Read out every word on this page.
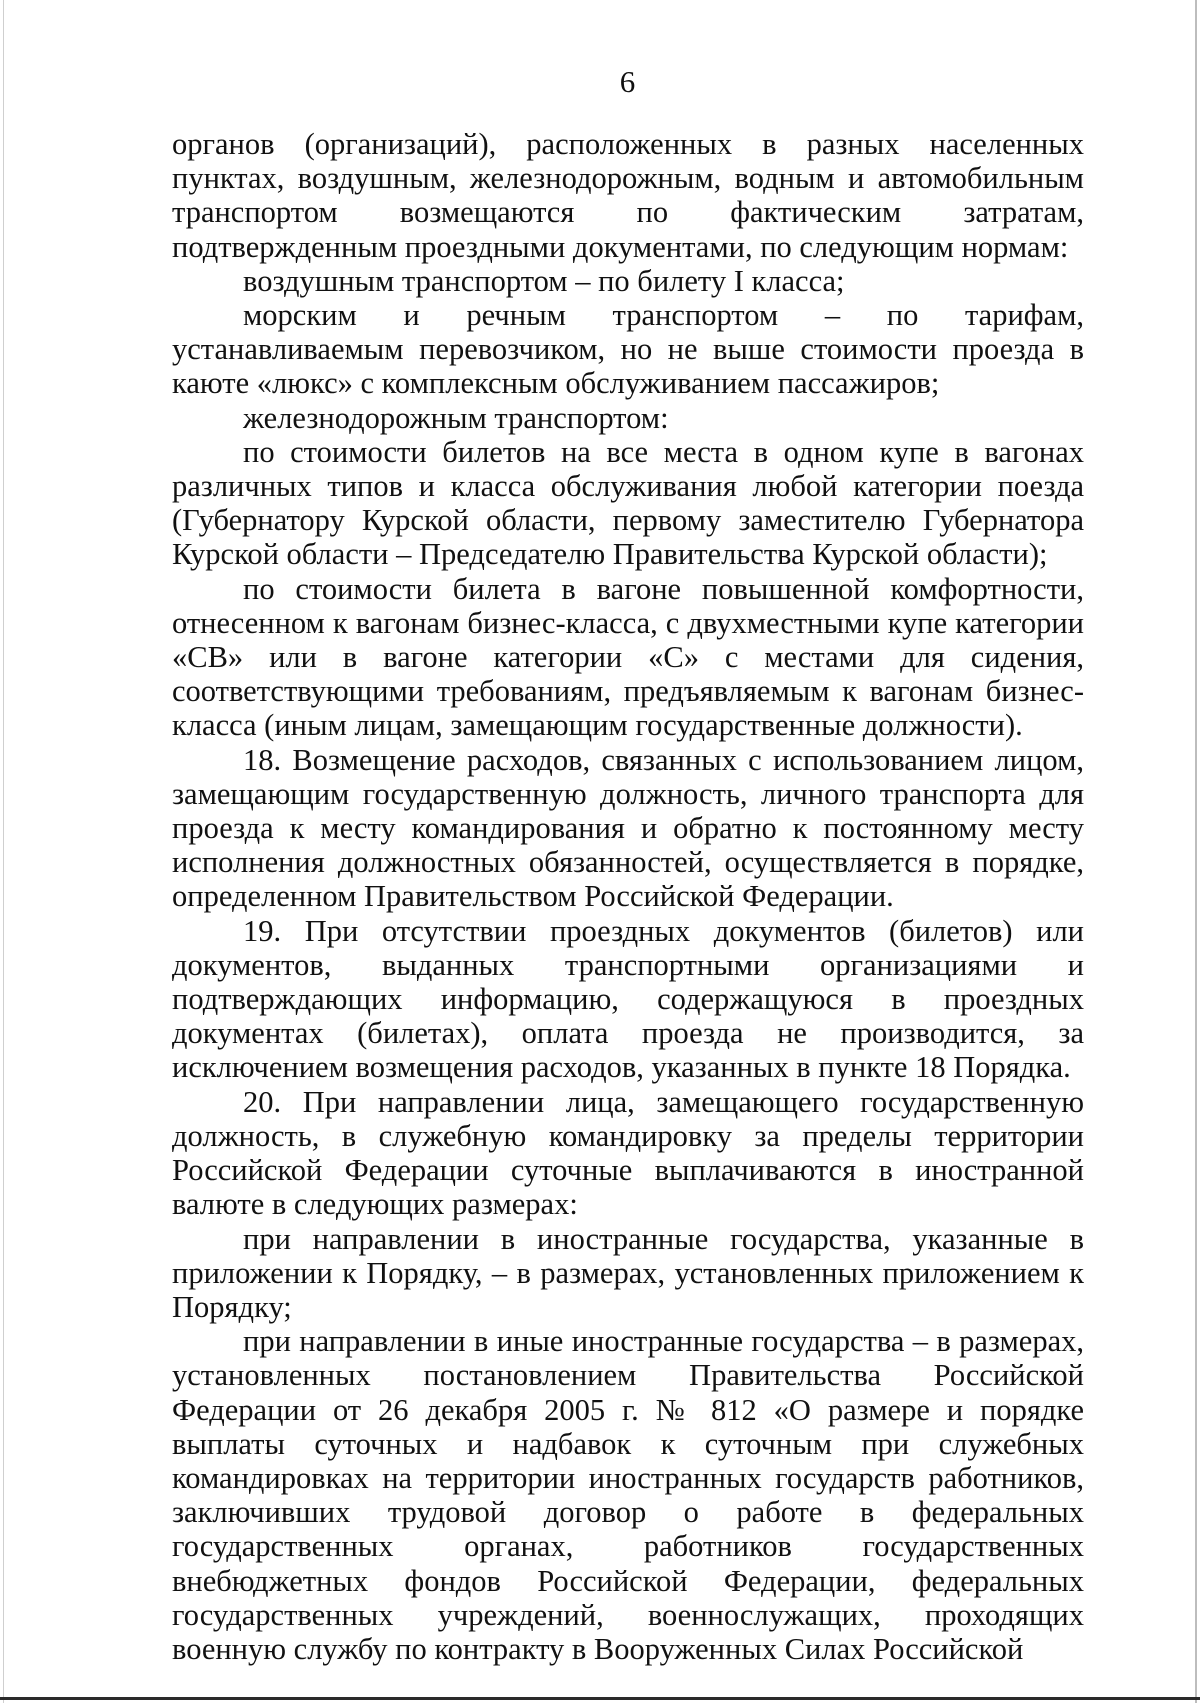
6

органов (организаций), расположенных в разных населенных пунктах, воздушным, железнодорожным, водным и автомобильным транспортом возмещаются по фактическим затратам, подтвержденным проездными документами, по следующим нормам:

воздушным транспортом – по билету I класса;

морским и речным транспортом – по тарифам, устанавливаемым перевозчиком, но не выше стоимости проезда в каюте «люкс» с комплексным обслуживанием пассажиров;

железнодорожным транспортом:

по стоимости билетов на все места в одном купе в вагонах различных типов и класса обслуживания любой категории поезда (Губернатору Курской области, первому заместителю Губернатора Курской области – Председателю Правительства Курской области);

по стоимости билета в вагоне повышенной комфортности, отнесенном к вагонам бизнес-класса, с двухместными купе категории «СВ» или в вагоне категории «С» с местами для сидения, соответствующими требованиям, предъявляемым к вагонам бизнес-класса (иным лицам, замещающим государственные должности).

18. Возмещение расходов, связанных с использованием лицом, замещающим государственную должность, личного транспорта для проезда к месту командирования и обратно к постоянному месту исполнения должностных обязанностей, осуществляется в порядке, определенном Правительством Российской Федерации.

19. При отсутствии проездных документов (билетов) или документов, выданных транспортными организациями и подтверждающих информацию, содержащуюся в проездных документах (билетах), оплата проезда не производится, за исключением возмещения расходов, указанных в пункте 18 Порядка.

20. При направлении лица, замещающего государственную должность, в служебную командировку за пределы территории Российской Федерации суточные выплачиваются в иностранной валюте в следующих размерах:

при направлении в иностранные государства, указанные в приложении к Порядку, – в размерах, установленных приложением к Порядку;

при направлении в иные иностранные государства – в размерах, установленных постановлением Правительства Российской Федерации от 26 декабря 2005 г. № 812 «О размере и порядке выплаты суточных и надбавок к суточным при служебных командировках на территории иностранных государств работников, заключивших трудовой договор о работе в федеральных государственных органах, работников государственных внебюджетных фондов Российской Федерации, федеральных государственных учреждений, военнослужащих, проходящих военную службу по контракту в Вооруженных Силах Российской
